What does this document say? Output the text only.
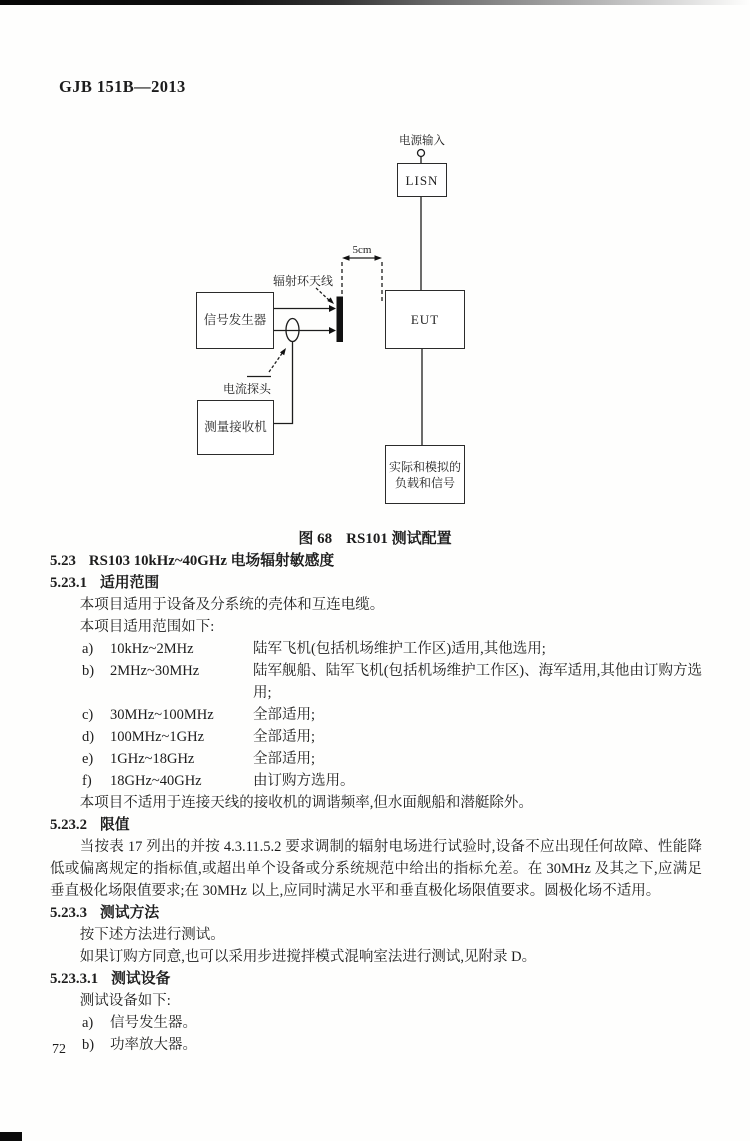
GJB 151B—2013
LISN
EUT
实际和模拟的
负载和信号
信号发生器
测量接收机
电源输入
5cm
辐射环天线
电流探头
图 68 RS101 测试配置
5.23 RS103 10kHz~40GHz 电场辐射敏感度
5.23.1 适用范围
本项目适用于设备及分系统的壳体和互连电缆。
本项目适用范围如下:
a)	10kHz~2MHz	陆军飞机(包括机场维护工作区)适用,其他选用;
b)	2MHz~30MHz	陆军舰船、陆军飞机(包括机场维护工作区)、海军适用,其他由订购方选用;
c)	30MHz~100MHz	全部适用;
d)	100MHz~1GHz	全部适用;
e)	1GHz~18GHz	全部适用;
f)	18GHz~40GHz	由订购方选用。
本项目不适用于连接天线的接收机的调谐频率,但水面舰船和潜艇除外。
5.23.2 限值
当按表 17 列出的并按 4.3.11.5.2 要求调制的辐射电场进行试验时,设备不应出现任何故障、性能降低或偏离规定的指标值,或超出单个设备或分系统规范中给出的指标允差。在 30MHz 及其之下,应满足垂直极化场限值要求;在 30MHz 以上,应同时满足水平和垂直极化场限值要求。圆极化场不适用。
5.23.3 测试方法
按下述方法进行测试。
如果订购方同意,也可以采用步进搅拌模式混响室法进行测试,见附录 D。
5.23.3.1 测试设备
测试设备如下:
a)	信号发生器。
b)	功率放大器。
72
